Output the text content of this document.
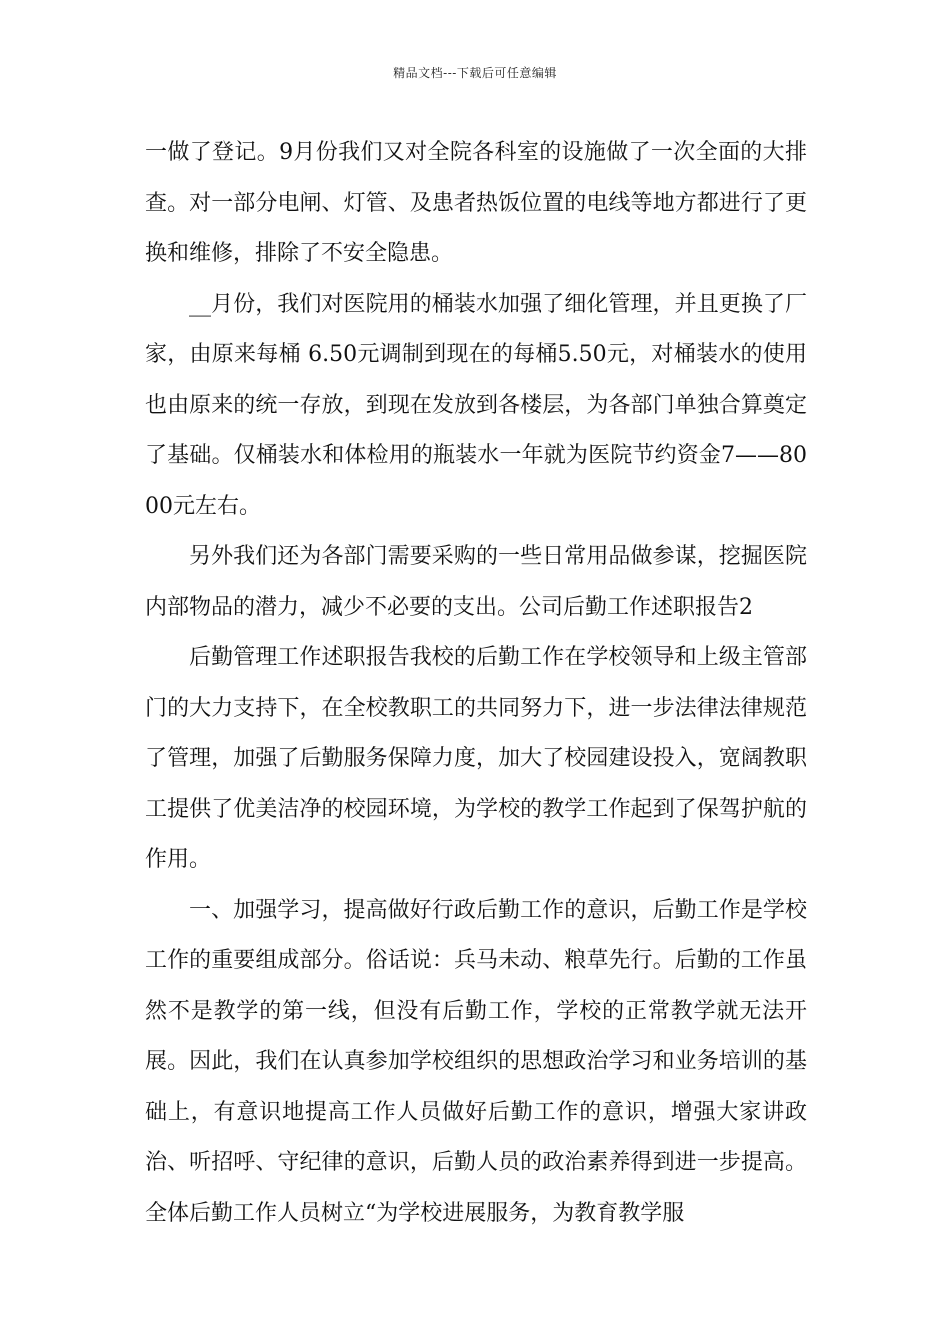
精品文档---下载后可任意编辑

一做了登记。9月份我们又对全院各科室的设施做了一次全面的大排查。对一部分电闸、灯管、及患者热饭位置的电线等地方都进行了更换和维修，排除了不安全隐患。

__月份，我们对医院用的桶装水加强了细化管理，并且更换了厂家，由原来每桶 6.50元调制到现在的每桶5.50元，对桶装水的使用也由原来的统一存放，到现在发放到各楼层，为各部门单独合算奠定了基础。仅桶装水和体检用的瓶装水一年就为医院节约资金7——8000元左右。

另外我们还为各部门需要采购的一些日常用品做参谋，挖掘医院内部物品的潜力，减少不必要的支出。公司后勤工作述职报告2

后勤管理工作述职报告我校的后勤工作在学校领导和上级主管部门的大力支持下，在全校教职工的共同努力下，进一步法律法律规范了管理，加强了后勤服务保障力度，加大了校园建设投入，宽阔教职工提供了优美洁净的校园环境，为学校的教学工作起到了保驾护航的作用。

一、加强学习，提高做好行政后勤工作的意识，后勤工作是学校工作的重要组成部分。俗话说：兵马未动、粮草先行。后勤的工作虽然不是教学的第一线，但没有后勤工作，学校的正常教学就无法开展。因此，我们在认真参加学校组织的思想政治学习和业务培训的基础上，有意识地提高工作人员做好后勤工作的意识，增强大家讲政治、听招呼、守纪律的意识，后勤人员的政治素养得到进一步提高。全体后勤工作人员树立“为学校进展服务，为教育教学服
